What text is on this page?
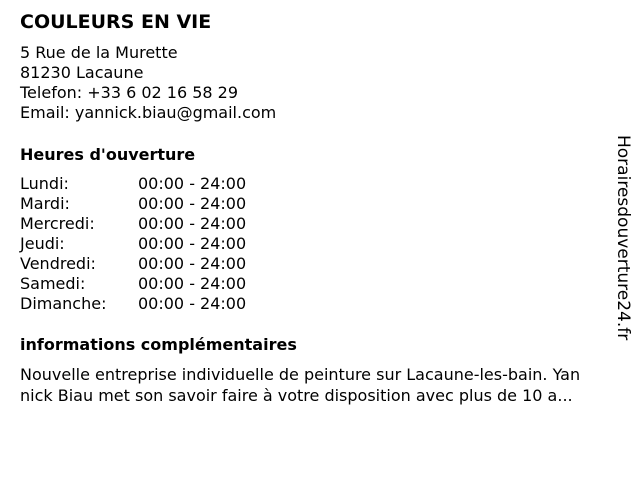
COULEURS EN VIE
5 Rue de la Murette
81230 Lacaune
Telefon: +33 6 02 16 58 29
Email: yannick.biau@gmail.com
Heures d'ouverture
Lundi:	00:00 - 24:00
Mardi:	00:00 - 24:00
Mercredi:	00:00 - 24:00
Jeudi:	00:00 - 24:00
Vendredi:	00:00 - 24:00
Samedi:	00:00 - 24:00
Dimanche: 00:00 - 24:00
informations complémentaires
Nouvelle entreprise individuelle de peinture sur Lacaune-les-bain. Yan
nick Biau met son savoir faire à votre disposition avec plus de 10 a...
Horairesdouverture24.fr
